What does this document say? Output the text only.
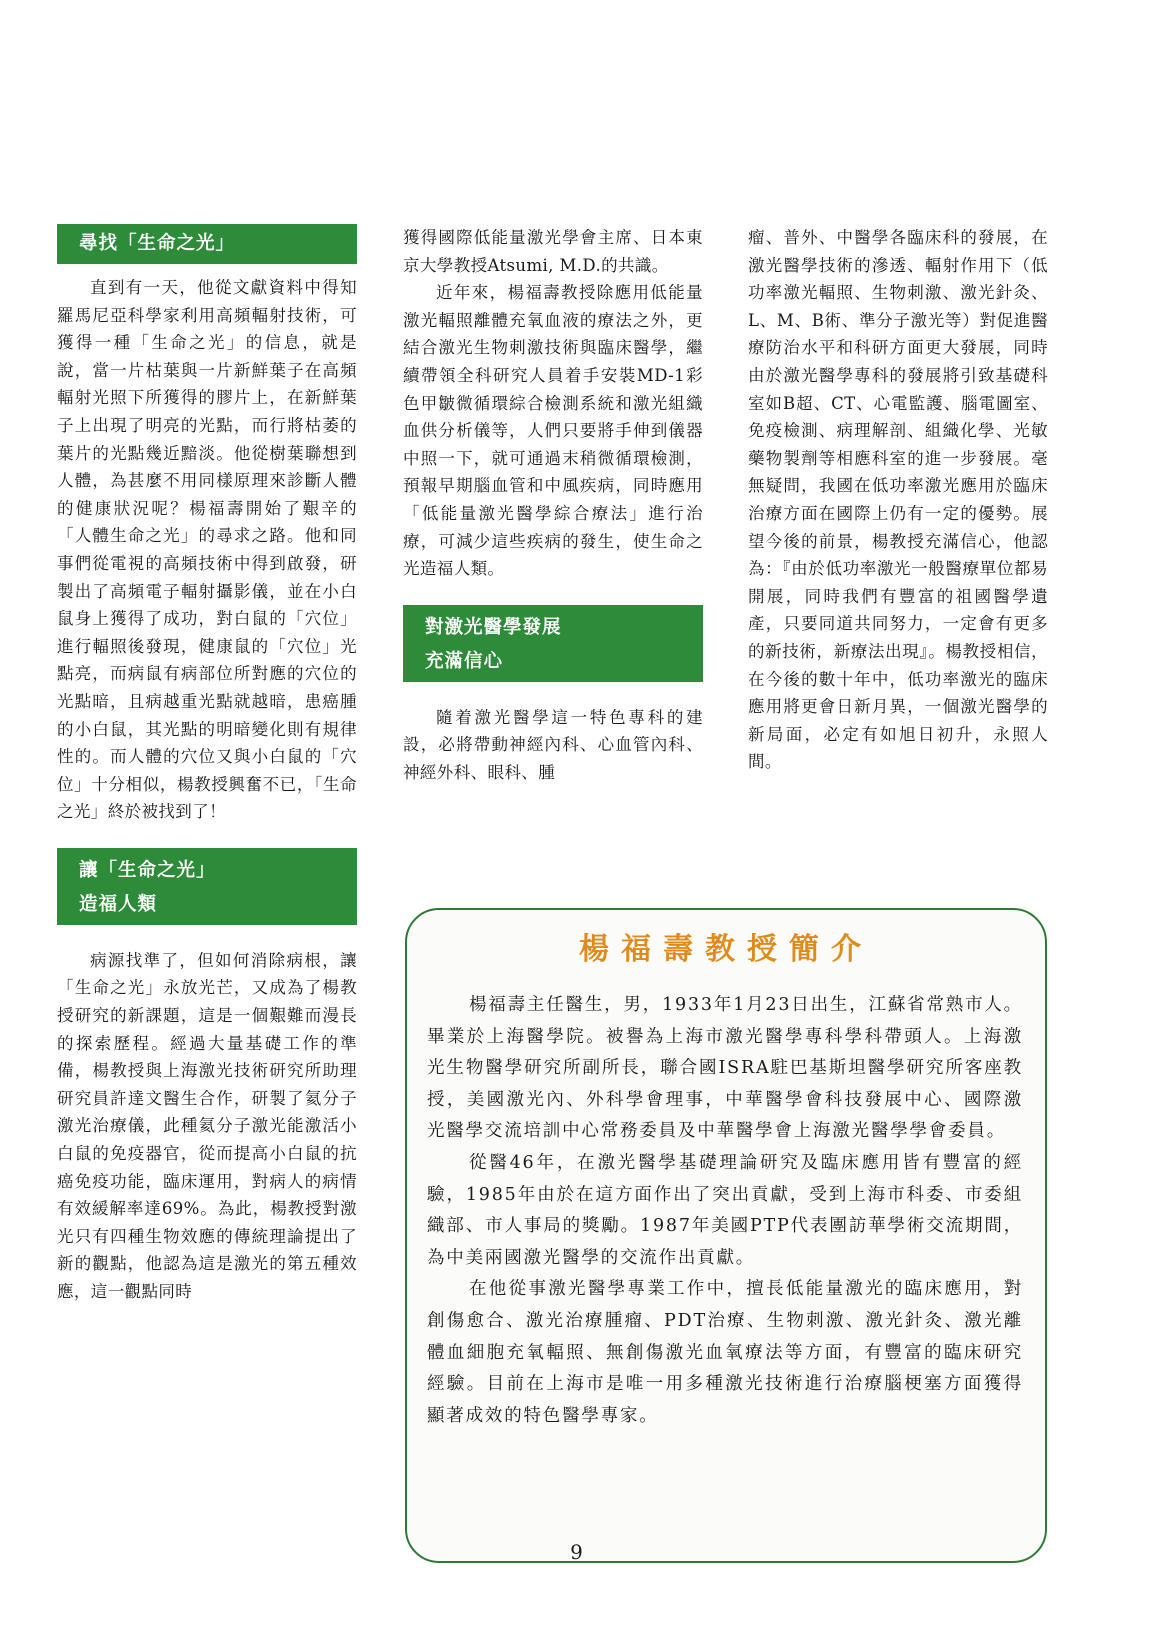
尋找「生命之光」

直到有一天，他從文獻資料中得知羅馬尼亞科學家利用高頻輻射技術，可獲得一種「生命之光」的信息，就是說，當一片枯葉與一片新鮮葉子在高頻輻射光照下所獲得的膠片上，在新鮮葉子上出現了明亮的光點，而行將枯萎的葉片的光點幾近黯淡。他從樹葉聯想到人體，為甚麼不用同樣原理來診斷人體的健康狀況呢？楊福壽開始了艱辛的「人體生命之光」的尋求之路。他和同事們從電視的高頻技術中得到啟發，研製出了高頻電子輻射攝影儀，並在小白鼠身上獲得了成功，對白鼠的「穴位」進行輻照後發現，健康鼠的「穴位」光點亮，而病鼠有病部位所對應的穴位的光點暗，且病越重光點就越暗，患癌腫的小白鼠，其光點的明暗變化則有規律性的。而人體的穴位又與小白鼠的「穴位」十分相似，楊教授興奮不已，「生命之光」終於被找到了！

讓「生命之光」
造福人類

病源找準了，但如何消除病根，讓「生命之光」永放光芒，又成為了楊教授研究的新課題，這是一個艱難而漫長的探索歷程。經過大量基礎工作的準備，楊教授與上海激光技術研究所助理研究員許達文醫生合作，研製了氦分子激光治療儀，此種氦分子激光能激活小白鼠的免疫器官，從而提高小白鼠的抗癌免疫功能，臨床運用，對病人的病情有效緩解率達69%。為此，楊教授對激光只有四種生物效應的傳統理論提出了新的觀點，他認為這是激光的第五種效應，這一觀點同時

獲得國際低能量激光學會主席、日本東京大學教授Atsumi, M.D.的共識。

近年來，楊福壽教授除應用低能量激光輻照離體充氧血液的療法之外，更結合激光生物刺激技術與臨床醫學，繼續帶領全科研究人員着手安裝MD-1彩色甲皺微循環綜合檢測系統和激光組織血供分析儀等，人們只要將手伸到儀器中照一下，就可通過末稍微循環檢測，預報早期腦血管和中風疾病，同時應用「低能量激光醫學綜合療法」進行治療，可減少這些疾病的發生，使生命之光造福人類。

對激光醫學發展
充滿信心

隨着激光醫學這一特色專科的建設，必將帶動神經內科、心血管內科、神經外科、眼科、腫

瘤、普外、中醫學各臨床科的發展，在激光醫學技術的滲透、輻射作用下（低功率激光輻照、生物刺激、激光針灸、L、M、B術、準分子激光等）對促進醫療防治水平和科研方面更大發展，同時由於激光醫學專科的發展將引致基礎科室如B超、CT、心電監護、腦電圖室、免疫檢測、病理解剖、組織化學、光敏藥物製劑等相應科室的進一步發展。毫無疑問，我國在低功率激光應用於臨床治療方面在國際上仍有一定的優勢。展望今後的前景，楊教授充滿信心，他認為：『由於低功率激光一般醫療單位都易開展，同時我們有豐富的祖國醫學遺產，只要同道共同努力，一定會有更多的新技術，新療法出現』。楊教授相信，在今後的數十年中，低功率激光的臨床應用將更會日新月異，一個激光醫學的新局面，必定有如旭日初升，永照人間。

楊福壽教授簡介

楊福壽主任醫生，男，1933年1月23日出生，江蘇省常熟市人。畢業於上海醫學院。被譽為上海市激光醫學專科學科帶頭人。上海激光生物醫學研究所副所長，聯合國ISRA駐巴基斯坦醫學研究所客座教授，美國激光內、外科學會理事，中華醫學會科技發展中心、國際激光醫學交流培訓中心常務委員及中華醫學會上海激光醫學學會委員。

從醫46年，在激光醫學基礎理論研究及臨床應用皆有豐富的經驗，1985年由於在這方面作出了突出貢獻，受到上海市科委、市委組織部、市人事局的獎勵。1987年美國PTP代表團訪華學術交流期間，為中美兩國激光醫學的交流作出貢獻。

在他從事激光醫學專業工作中，擅長低能量激光的臨床應用，對創傷愈合、激光治療腫瘤、PDT治療、生物刺激、激光針灸、激光離體血細胞充氧輻照、無創傷激光血氧療法等方面，有豐富的臨床研究經驗。目前在上海市是唯一用多種激光技術進行治療腦梗塞方面獲得顯著成效的特色醫學專家。

9
